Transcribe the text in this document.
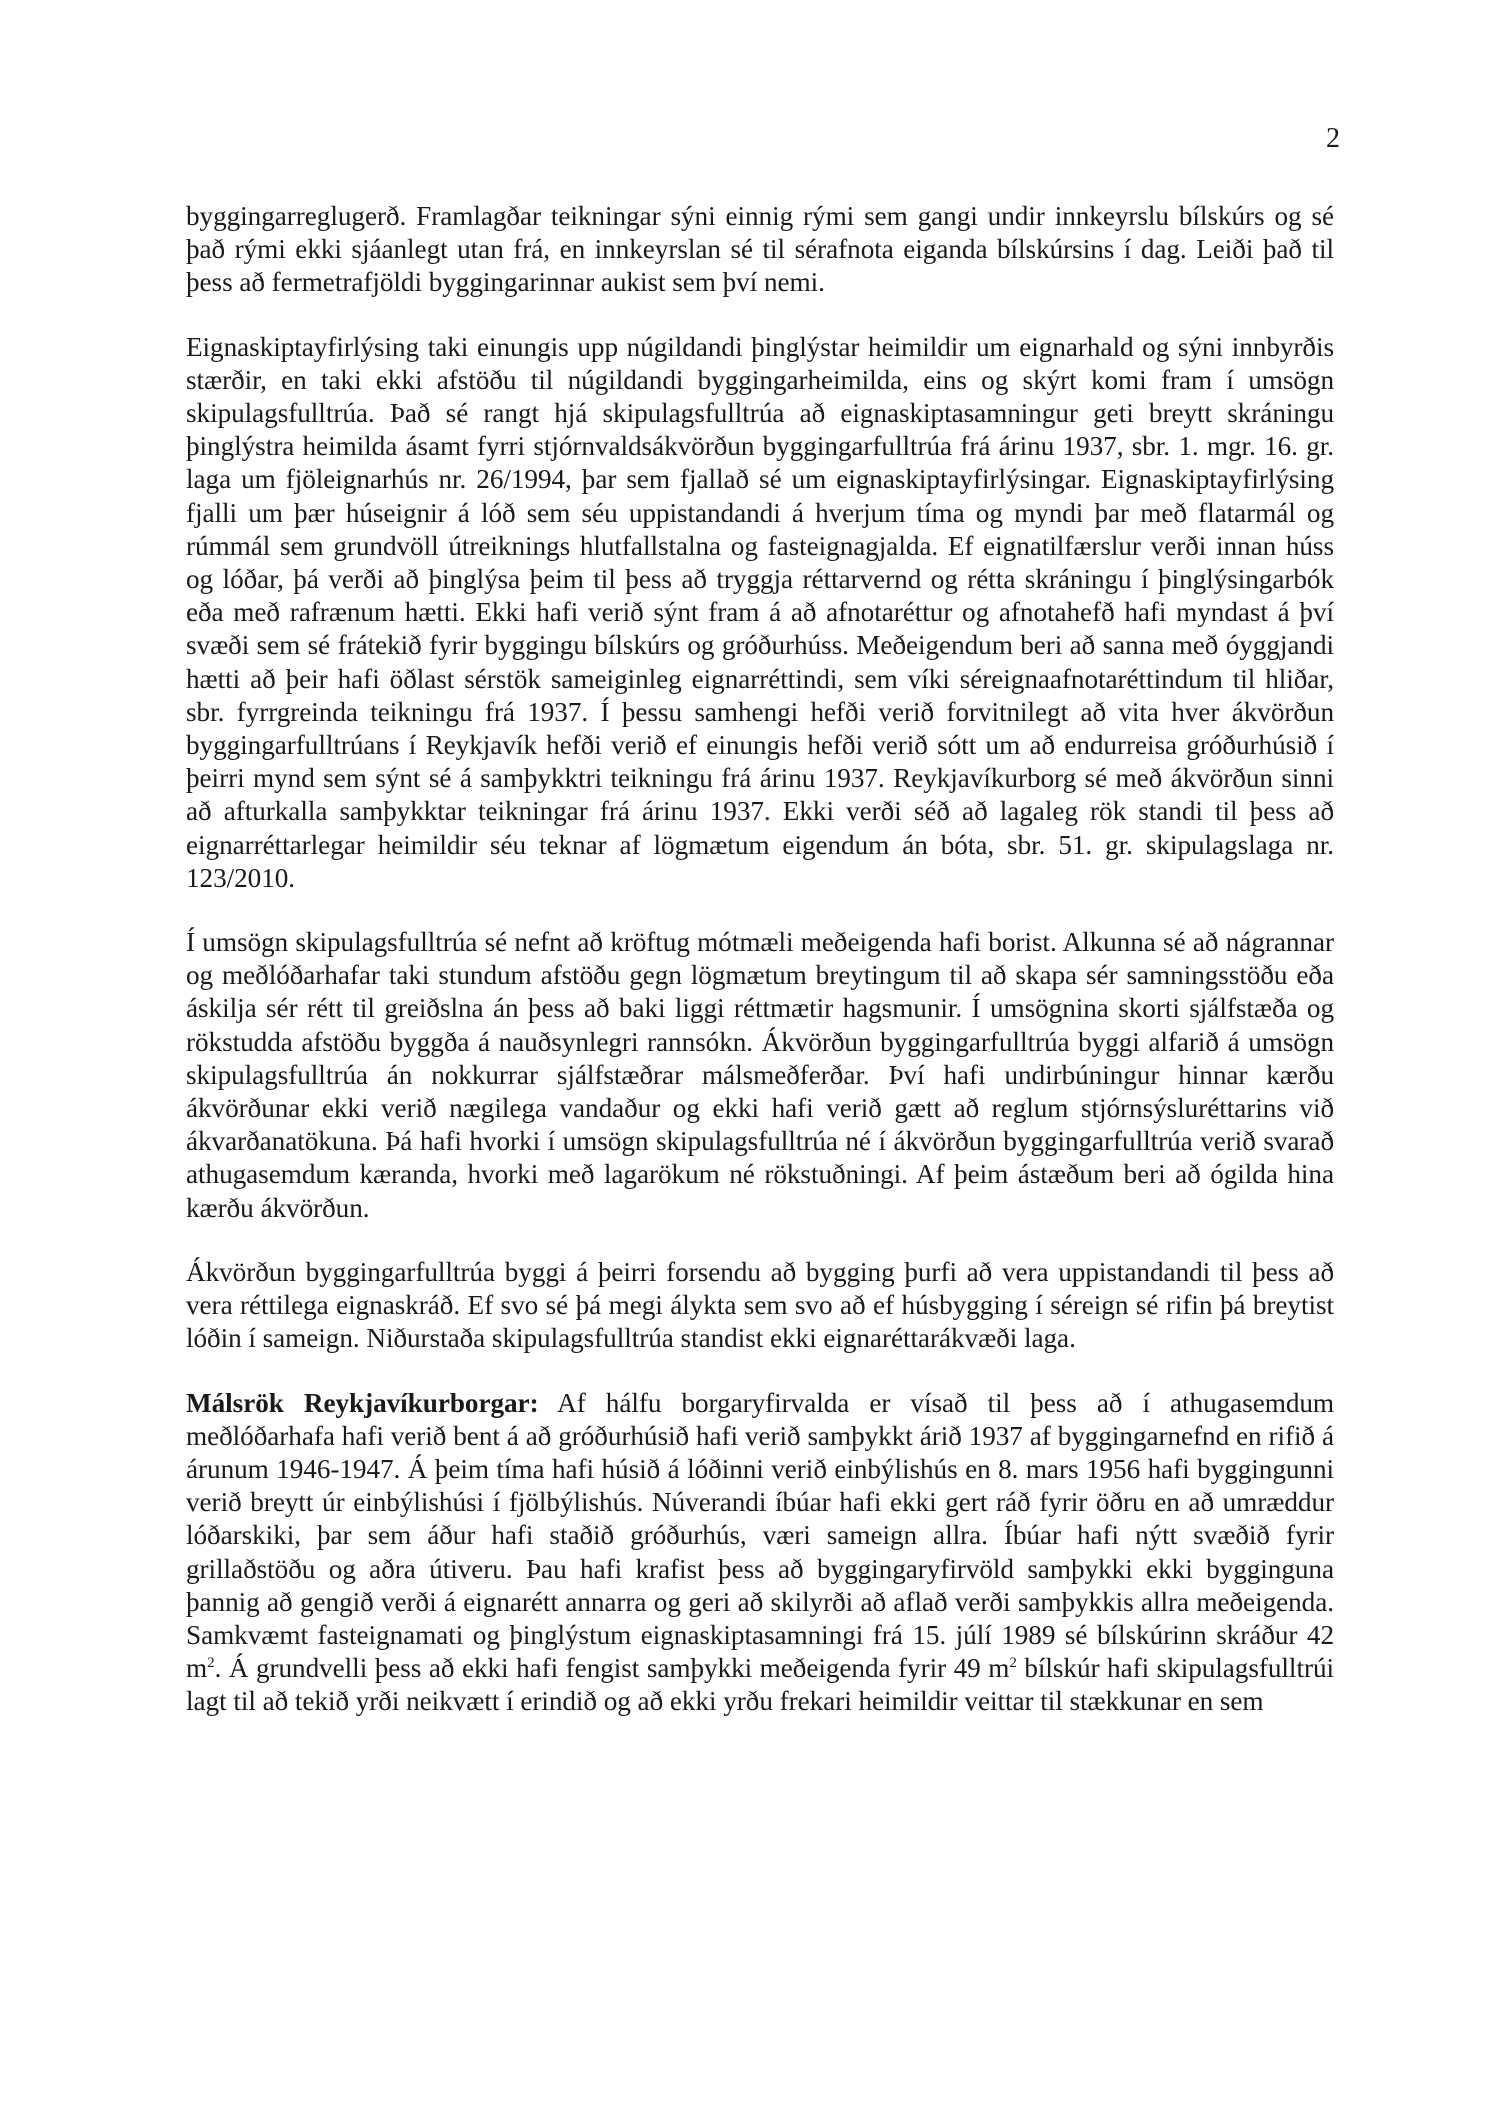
2

byggingarreglugerð. Framlagðar teikningar sýni einnig rými sem gangi undir innkeyrslu bílskúrs og sé það rými ekki sjáanlegt utan frá, en innkeyrslan sé til sérafnota eiganda bílskúrsins í dag. Leiði það til þess að fermetrafjöldi byggingarinnar aukist sem því nemi.

Eignaskiptayfirlýsing taki einungis upp núgildandi þinglýstar heimildir um eignarhald og sýni innbyrðis stærðir, en taki ekki afstöðu til núgildandi byggingarheimilda, eins og skýrt komi fram í umsögn skipulagsfulltrúa. Það sé rangt hjá skipulagsfulltrúa að eignaskiptasamningur geti breytt skráningu þinglýstra heimilda ásamt fyrri stjórnvaldsákvörðun byggingarfulltrúa frá árinu 1937, sbr. 1. mgr. 16. gr. laga um fjöleignarhús nr. 26/1994, þar sem fjallað sé um eignaskiptayfirlýsingar. Eignaskiptayfirlýsing fjalli um þær húseignir á lóð sem séu uppistandandi á hverjum tíma og myndi þar með flatarmál og rúmmál sem grundvöll útreiknings hlutfallstalna og fasteignagjalda. Ef eignatilfærslur verði innan húss og lóðar, þá verði að þinglýsa þeim til þess að tryggja réttarvernd og rétta skráningu í þinglýsingarbók eða með rafrænum hætti. Ekki hafi verið sýnt fram á að afnotaréttur og afnotahefð hafi myndast á því svæði sem sé frátekið fyrir byggingu bílskúrs og gróðurhúss. Meðeigendum beri að sanna með óyggjandi hætti að þeir hafi öðlast sérstök sameiginleg eignarréttindi, sem víki séreignaafnotaréttindum til hliðar, sbr. fyrrgreinda teikningu frá 1937. Í þessu samhengi hefði verið forvitnilegt að vita hver ákvörðun byggingarfulltrúans í Reykjavík hefði verið ef einungis hefði verið sótt um að endurreisa gróðurhúsið í þeirri mynd sem sýnt sé á samþykktri teikningu frá árinu 1937. Reykjavíkurborg sé með ákvörðun sinni að afturkalla samþykktar teikningar frá árinu 1937. Ekki verði séð að lagaleg rök standi til þess að eignarréttarlegar heimildir séu teknar af lögmætum eigendum án bóta, sbr. 51. gr. skipulagslaga nr. 123/2010.

Í umsögn skipulagsfulltrúa sé nefnt að kröftug mótmæli meðeigenda hafi borist. Alkunna sé að nágrannar og meðlóðarhafar taki stundum afstöðu gegn lögmætum breytingum til að skapa sér samningsstöðu eða áskilja sér rétt til greiðslna án þess að baki liggi réttmætir hagsmunir. Í umsögnina skorti sjálfstæða og rökstudda afstöðu byggða á nauðsynlegri rannsókn. Ákvörðun byggingarfulltrúa byggi alfarið á umsögn skipulagsfulltrúa án nokkurrar sjálfstæðrar málsmeðferðar. Því hafi undirbúningur hinnar kærðu ákvörðunar ekki verið nægilega vandaður og ekki hafi verið gætt að reglum stjórnsýsluréttarins við ákvarðanatökuna. Þá hafi hvorki í umsögn skipulagsfulltrúa né í ákvörðun byggingarfulltrúa verið svarað athugasemdum kæranda, hvorki með lagarökum né rökstuðningi. Af þeim ástæðum beri að ógilda hina kærðu ákvörðun.

Ákvörðun byggingarfulltrúa byggi á þeirri forsendu að bygging þurfi að vera uppistandandi til þess að vera réttilega eignaskráð. Ef svo sé þá megi álykta sem svo að ef húsbygging í séreign sé rifin þá breytist lóðin í sameign. Niðurstaða skipulagsfulltrúa standist ekki eignaréttarákvæði laga.

Málsrök Reykjavíkurborgar: Af hálfu borgaryfirvalda er vísað til þess að í athugasemdum meðlóðarhafa hafi verið bent á að gróðurhúsið hafi verið samþykkt árið 1937 af byggingarnefnd en rifið á árunum 1946-1947. Á þeim tíma hafi húsið á lóðinni verið einbýlishús en 8. mars 1956 hafi byggingunni verið breytt úr einbýlishúsi í fjölbýlishús. Núverandi íbúar hafi ekki gert ráð fyrir öðru en að umræddur lóðarskiki, þar sem áður hafi staðið gróðurhús, væri sameign allra. Íbúar hafi nýtt svæðið fyrir grillaðstöðu og aðra útiveru. Þau hafi krafist þess að byggingaryfirvöld samþykki ekki bygginguna þannig að gengið verði á eignarétt annarra og geri að skilyrði að aflað verði samþykkis allra meðeigenda. Samkvæmt fasteignamati og þinglýstum eignaskiptasamningi frá 15. júlí 1989 sé bílskúrinn skráður 42 $m^2$. Á grundvelli þess að ekki hafi fengist samþykki meðeigenda fyrir 49 $m^2$ bílskúr hafi skipulagsfulltrúi lagt til að tekið yrði neikvætt í erindið og að ekki yrðu frekari heimildir veittar til stækkunar en sem
